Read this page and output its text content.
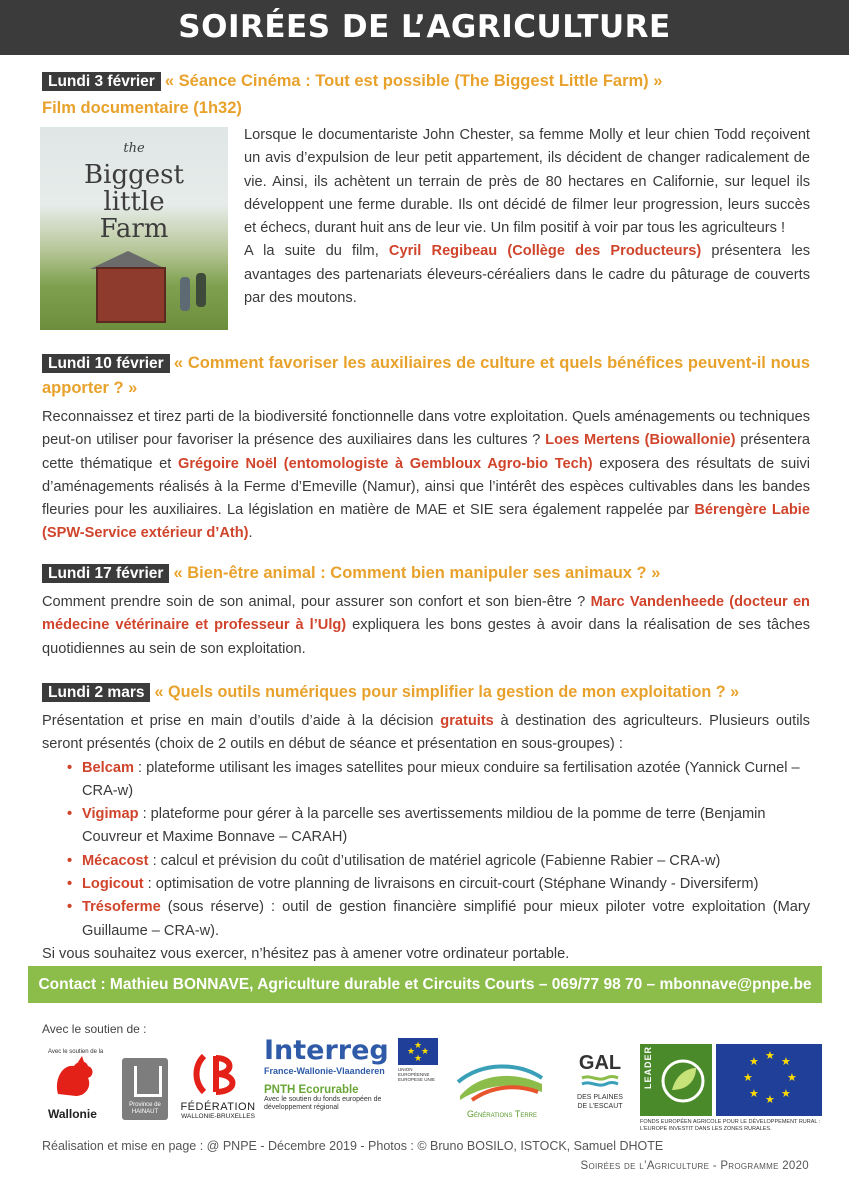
SOIRÉES DE L’AGRICULTURE
Lundi 3 février « Séance Cinéma : Tout est possible (The Biggest Little Farm) »
Film documentaire (1h32)
the
Biggest
little
Farm
Lorsque le documentariste John Chester, sa femme Molly et leur chien Todd reçoivent un avis d’expulsion de leur petit appartement, ils décident de changer radicalement de vie. Ainsi, ils achètent un terrain de près de 80 hectares en Californie, sur lequel ils développent une ferme durable. Ils ont décidé de filmer leur progression, leurs succès et échecs, durant huit ans de leur vie. Un film positif à voir par tous les agriculteurs !
A la suite du film, Cyril Regibeau (Collège des Producteurs) présentera les avantages des partenariats éleveurs-céréaliers dans le cadre du pâturage de couverts par des moutons.
Lundi 10 février « Comment favoriser les auxiliaires de culture et quels bénéfices peuvent-il nous apporter ? »
Reconnaissez et tirez parti de la biodiversité fonctionnelle dans votre exploitation. Quels aménagements ou techniques peut-on utiliser pour favoriser la présence des auxiliaires dans les cultures ? Loes Mertens (Biowallonie) présentera cette thématique et Grégoire Noël (entomologiste à Gembloux Agro-bio Tech) exposera des résultats de suivi d’aménagements réalisés à la Ferme d’Emeville (Namur), ainsi que l’intérêt des espèces cultivables dans les bandes fleuries pour les auxiliaires. La législation en matière de MAE et SIE sera également rappelée par Bérengère Labie (SPW-Service extérieur d’Ath).
Lundi 17 février « Bien-être animal : Comment bien manipuler ses animaux ? »
Comment prendre soin de son animal, pour assurer son confort et son bien-être ? Marc Vandenheede (docteur en médecine vétérinaire et professeur à l’Ulg) expliquera les bons gestes à avoir dans la réalisation de ses tâches quotidiennes au sein de son exploitation.
Lundi 2 mars « Quels outils numériques pour simplifier la gestion de mon exploitation ? »
Présentation et prise en main d’outils d’aide à la décision gratuits à destination des agriculteurs. Plusieurs outils seront présentés (choix de 2 outils en début de séance et présentation en sous-groupes) :
• Belcam : plateforme utilisant les images satellites pour mieux conduire sa fertilisation azotée (Yannick Curnel – CRA-w)
• Vigimap : plateforme pour gérer à la parcelle ses avertissements mildiou de la pomme de terre (Benjamin Couvreur et Maxime Bonnave – CARAH)
• Mécacost : calcul et prévision du coût d’utilisation de matériel agricole (Fabienne Rabier – CRA-w)
• Logicout : optimisation de votre planning de livraisons en circuit-court (Stéphane Winandy - Diversiferm)
• Trésoferme (sous réserve) : outil de gestion financière simplifié pour mieux piloter votre exploitation (Mary Guillaume – CRA-w).
Si vous souhaitez vous exercer, n’hésitez pas à amener votre ordinateur portable.
Contact : Mathieu BONNAVE, Agriculture durable et Circuits Courts – 069/77 98 70 – mbonnave@pnpe.be
Avec le soutien de :
Avec le soutien de la
Wallonie
Province de HAINAUT	FÉDÉRATION
WALLONIE-BRUXELLES
Interreg	★
★
★ ★
France-Wallonie-Vlaanderen	UNION EUROPÉENNE EUROPESE UNIE
PNTH Ecorurable
Avec le soutien du fonds européen de développement régional
Générations Terre
GAL
DES PLAINES
DE L’ESCAUT
LEADER	★
★
★	★
★ ★
★ ★
FONDS EUROPÉEN AGRICOLE POUR LE DÉVELOPPEMENT RURAL : L’EUROPE INVESTIT DANS LES ZONES RURALES.
Réalisation et mise en page : @ PNPE - Décembre 2019 - Photos : © Bruno BOSILO, ISTOCK, Samuel DHOTE
Soirées de l’Agriculture - Programme 2020
